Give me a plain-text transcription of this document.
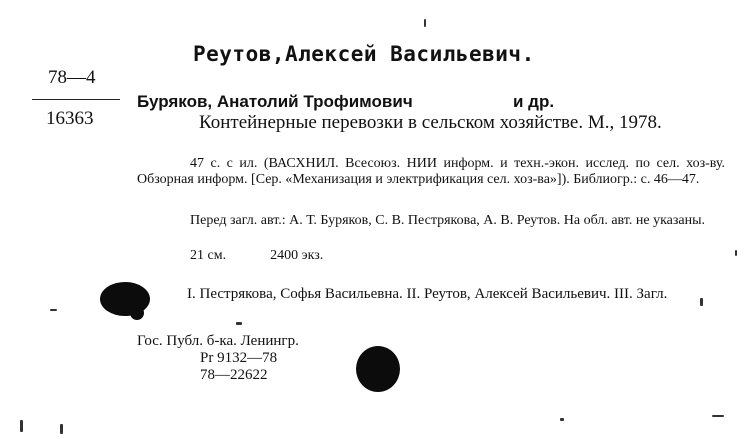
Реутов,Алексей Васильевич.
78—4
16363
Буряков, Анатолий Трофимович	и др.

Контейнерные перевозки в сельском хозяйстве. М., 1978.

47 с. с ил. (ВАСХНИЛ. Всесоюз. НИИ информ. и техн.-экон. исслед. по сел. хоз-ву. Обзорная информ. [Сер. «Механизация и электрификация сел. хоз-ва»]). Библиогр.: с. 46—47.

Перед загл. авт.: А. Т. Буряков, С. В. Пестрякова, А. В. Реутов. На обл. авт. не указаны.

21 см.	2400 экз.

I. Пестрякова, Софья Васильевна. II. Реутов, Алексей Васильевич. III. Загл.

Гос. Публ. б-ка. Ленингр.

Pr 9132—78

78—22622
